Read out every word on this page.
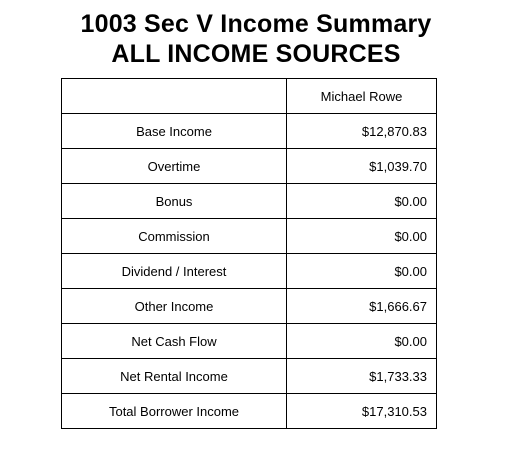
1003 Sec V Income Summary
ALL INCOME SOURCES
	Michael Rowe
Base Income	$12,870.83
Overtime	$1,039.70
Bonus	$0.00
Commission	$0.00
Dividend / Interest	$0.00
Other Income	$1,666.67
Net Cash Flow	$0.00
Net Rental Income	$1,733.33
Total Borrower Income	$17,310.53
